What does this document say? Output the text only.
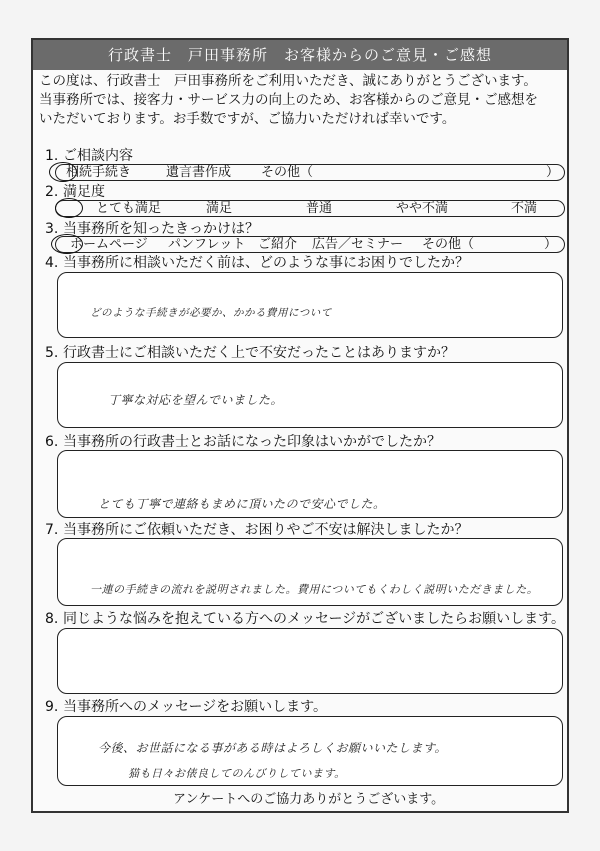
行政書士　戸田事務所　お客様からのご意見・ご感想
この度は、行政書士　戸田事務所をご利用いただき、誠にありがとうございます。
当事務所では、接客力・サービス力の向上のため、お客様からのご意見・ご感想を
いただいております。お手数ですが、ご協力いただければ幸いです。
1. ご相談内容
相続手続き	遺言書作成 その他（	）
2. 満足度
とても満足	満足	普通	やや不満	不満
3. 当事務所を知ったきっかけは？
ホームページ パンフレット ご紹介 広告／セミナー その他（	）
4. 当事務所に相談いただく前は、どのような事にお困りでしたか？
どのような手続きが必要か、かかる費用について
5. 行政書士にご相談いただく上で不安だったことはありますか？
丁寧な対応を望んでいました。
6. 当事務所の行政書士とお話になった印象はいかがでしたか？
とても丁寧で連絡もまめに頂いたので安心でした。
7. 当事務所にご依頼いただき、お困りやご不安は解決しましたか？
一連の手続きの流れを説明されました。費用についてもくわしく説明いただきました。
8. 同じような悩みを抱えている方へのメッセージがございましたらお願いします。
9. 当事務所へのメッセージをお願いします。
今後、お世話になる事がある時はよろしくお願いいたします。
猫も日々お俵良してのんびりしています。
アンケートへのご協力ありがとうございます。
